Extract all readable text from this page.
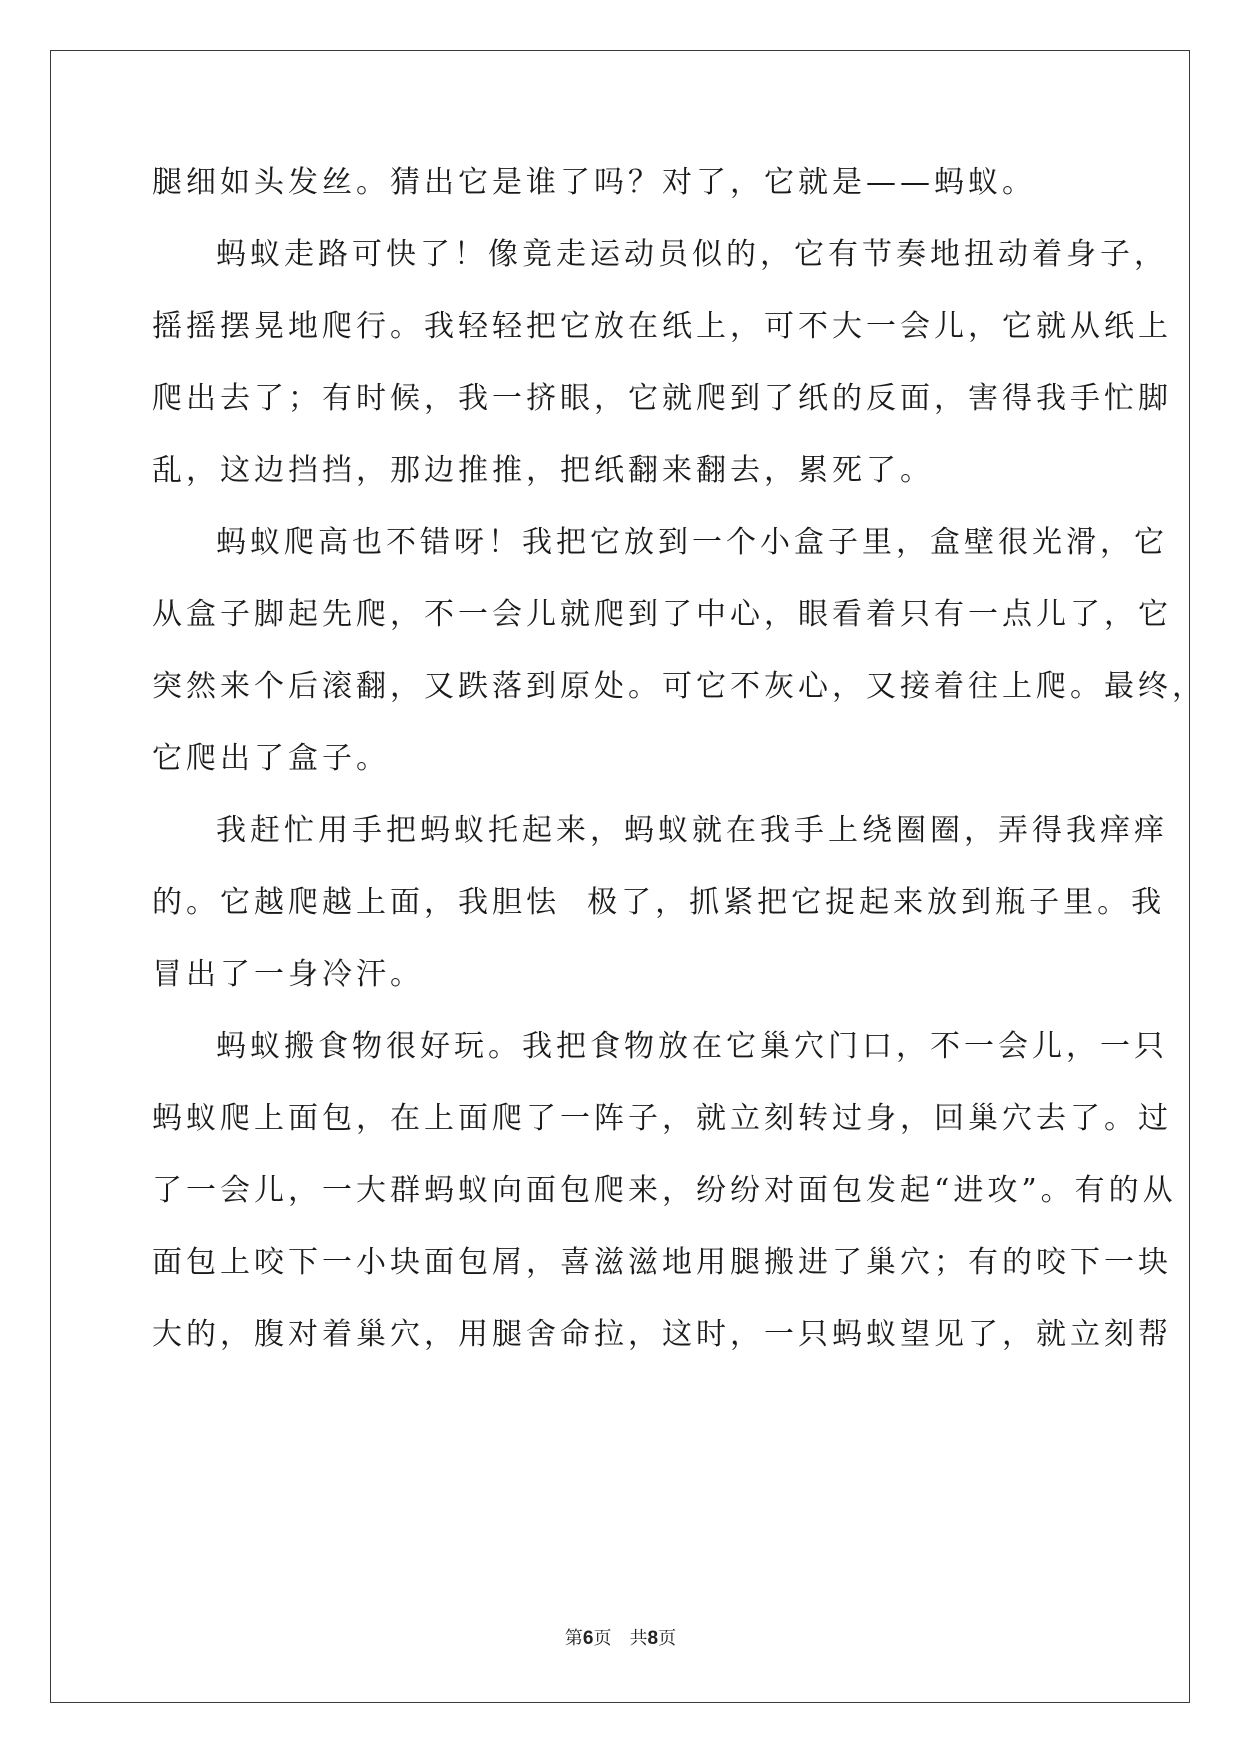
腿细如头发丝。猜出它是谁了吗？对了，它就是——蚂蚁。
蚂蚁走路可快了！像竟走运动员似的，它有节奏地扭动着身子，
摇摇摆晃地爬行。我轻轻把它放在纸上，可不大一会儿，它就从纸上
爬出去了；有时候，我一挤眼，它就爬到了纸的反面，害得我手忙脚
乱，这边挡挡，那边推推，把纸翻来翻去，累死了。
蚂蚁爬高也不错呀！我把它放到一个小盒子里，盒壁很光滑，它
从盒子脚起先爬，不一会儿就爬到了中心，眼看着只有一点儿了，它
突然来个后滚翻，又跌落到原处。可它不灰心，又接着往上爬。最终，
它爬出了盒子。
我赶忙用手把蚂蚁托起来，蚂蚁就在我手上绕圈圈，弄得我痒痒
的。它越爬越上面，我胆怯  极了，抓紧把它捉起来放到瓶子里。我
冒出了一身冷汗。
蚂蚁搬食物很好玩。我把食物放在它巢穴门口，不一会儿，一只
蚂蚁爬上面包，在上面爬了一阵子，就立刻转过身，回巢穴去了。过
了一会儿，一大群蚂蚁向面包爬来，纷纷对面包发起“进攻”。有的从
面包上咬下一小块面包屑，喜滋滋地用腿搬进了巢穴；有的咬下一块
大的，腹对着巢穴，用腿舍命拉，这时，一只蚂蚁望见了，就立刻帮
第6页 共8页
